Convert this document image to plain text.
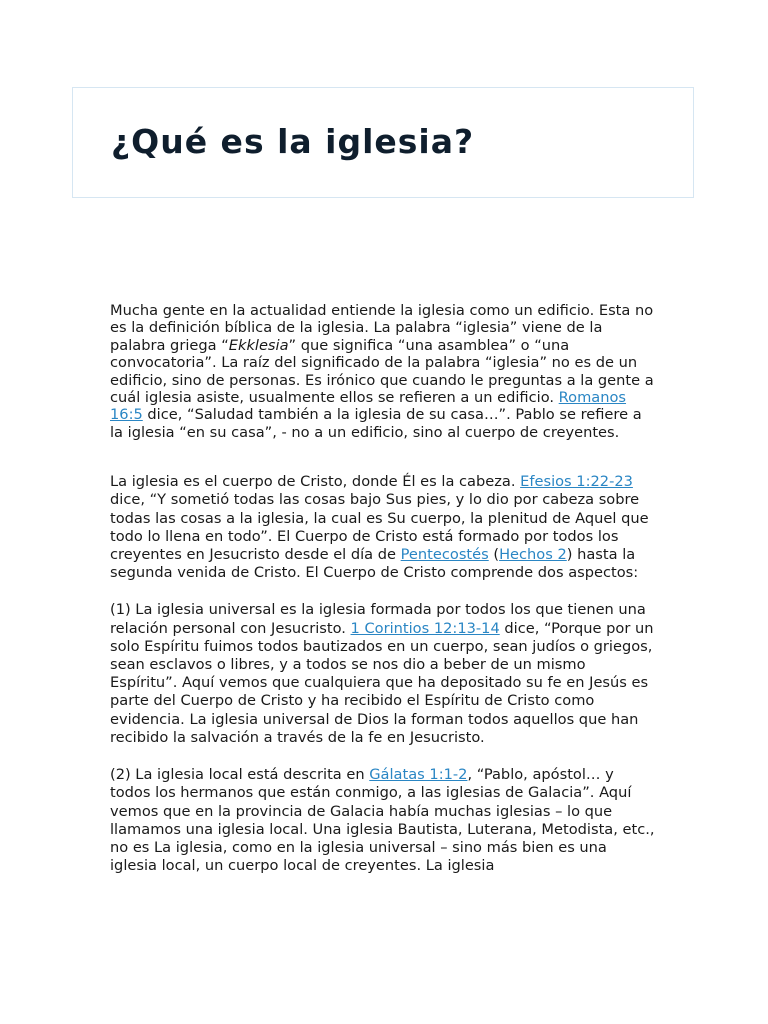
¿Qué es la iglesia?

Mucha gente en la actualidad entiende la iglesia como un edificio. Esta no es la definición bíblica de la iglesia. La palabra “iglesia” viene de la palabra griega “Ekklesia” que significa “una asamblea” o “una convocatoria”. La raíz del significado de la palabra “iglesia” no es de un edificio, sino de personas. Es irónico que cuando le preguntas a la gente a cuál iglesia asiste, usualmente ellos se refieren a un edificio. Romanos 16:5 dice, “Saludad también a la iglesia de su casa…”. Pablo se refiere a la iglesia “en su casa”, - no a un edificio, sino al cuerpo de creyentes.

La iglesia es el cuerpo de Cristo, donde Él es la cabeza. Efesios 1:22-23 dice, “Y sometió todas las cosas bajo Sus pies, y lo dio por cabeza sobre todas las cosas a la iglesia, la cual es Su cuerpo, la plenitud de Aquel que todo lo llena en todo”. El Cuerpo de Cristo está formado por todos los creyentes en Jesucristo desde el día de Pentecostés (Hechos 2) hasta la segunda venida de Cristo. El Cuerpo de Cristo comprende dos aspectos:

(1) La iglesia universal es la iglesia formada por todos los que tienen una relación personal con Jesucristo. 1 Corintios 12:13-14 dice, “Porque por un solo Espíritu fuimos todos bautizados en un cuerpo, sean judíos o griegos, sean esclavos o libres, y a todos se nos dio a beber de un mismo Espíritu”. Aquí vemos que cualquiera que ha depositado su fe en Jesús es parte del Cuerpo de Cristo y ha recibido el Espíritu de Cristo como evidencia. La iglesia universal de Dios la forman todos aquellos que han recibido la salvación a través de la fe en Jesucristo.

(2) La iglesia local está descrita en Gálatas 1:1-2, “Pablo, apóstol… y todos los hermanos que están conmigo, a las iglesias de Galacia”. Aquí vemos que en la provincia de Galacia había muchas iglesias – lo que llamamos una iglesia local. Una iglesia Bautista, Luterana, Metodista, etc., no es La iglesia, como en la iglesia universal – sino más bien es una iglesia local, un cuerpo local de creyentes. La iglesia
